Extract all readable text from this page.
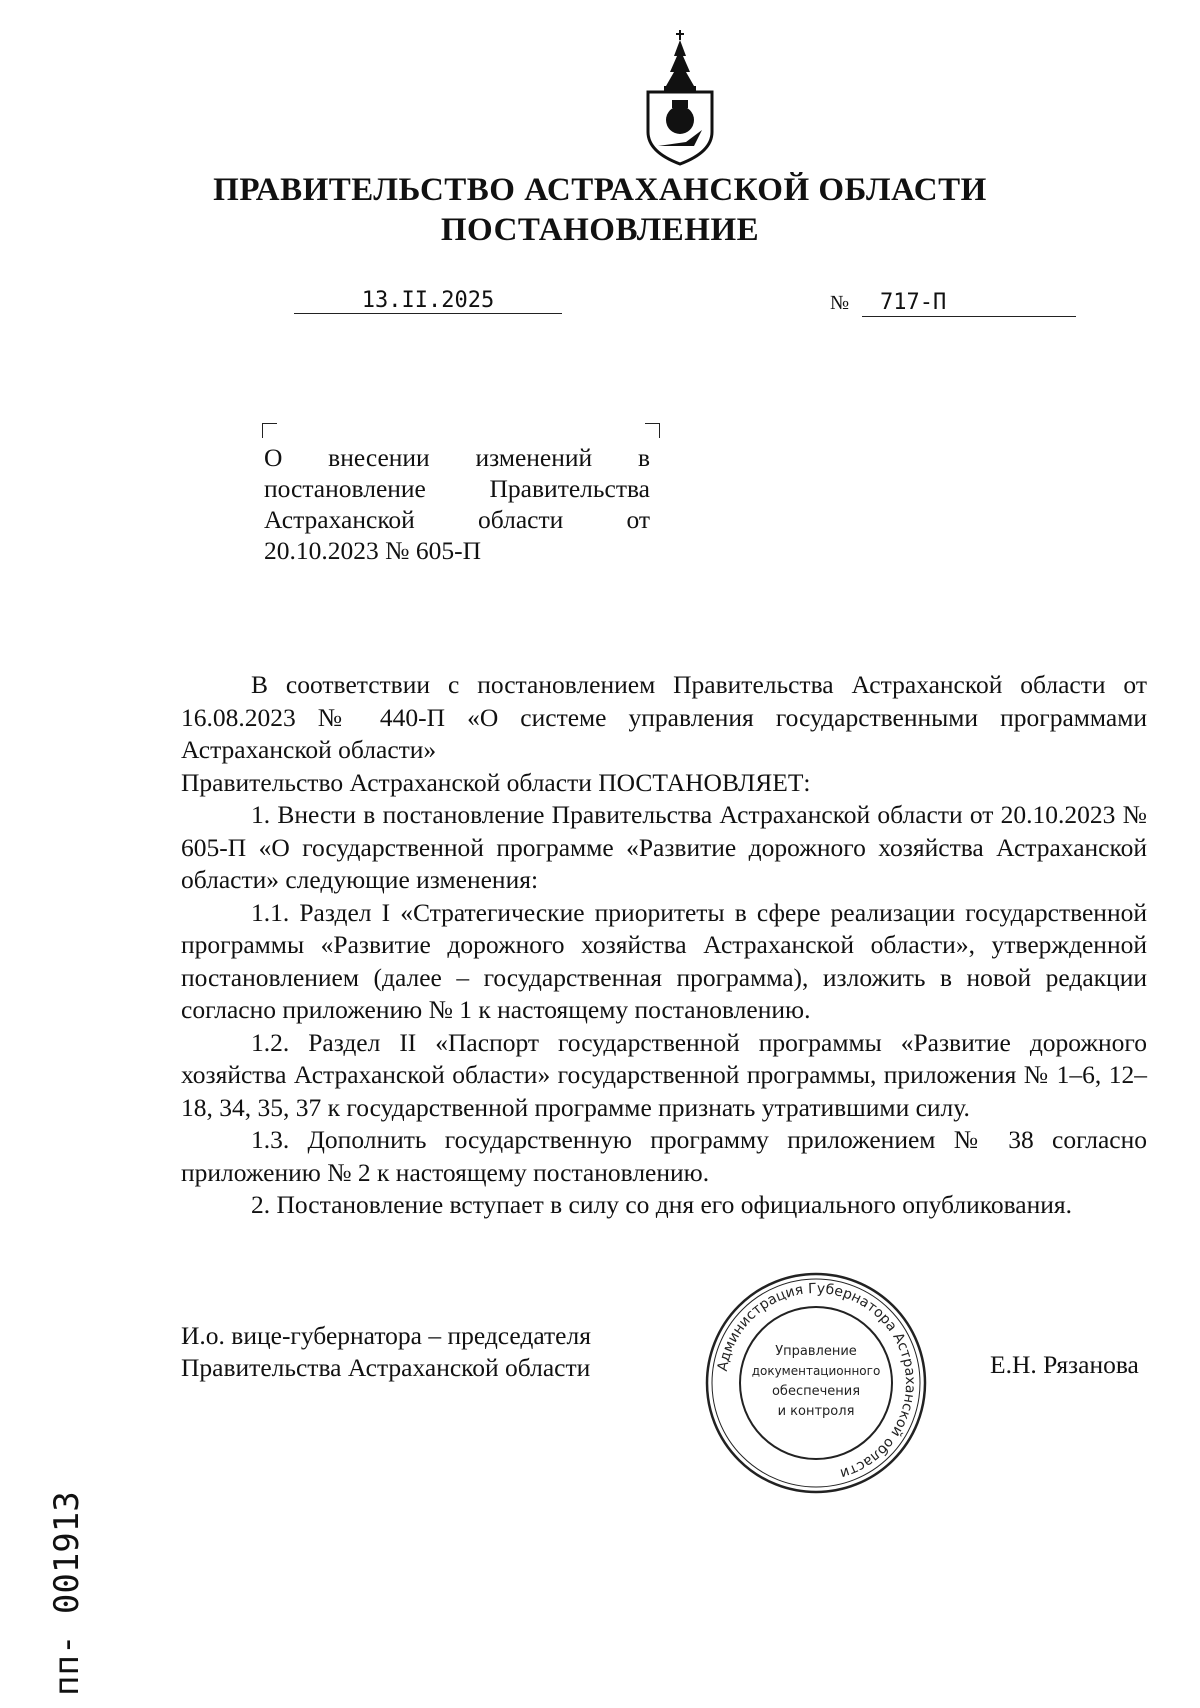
ПРАВИТЕЛЬСТВО АСТРАХАНСКОЙ ОБЛАСТИ
ПОСТАНОВЛЕНИЕ
13.II.2025	№ 717-П
О внесении изменений в постановление Правительства Астраханской области от 20.10.2023 № 605-П

В соответствии с постановлением Правительства Астраханской области от 16.08.2023 № 440-П «О системе управления государственными программами Астраханской области»

Правительство Астраханской области ПОСТАНОВЛЯЕТ:

1. Внести в постановление Правительства Астраханской области от 20.10.2023 № 605-П «О государственной программе «Развитие дорожного хозяйства Астраханской области» следующие изменения:

1.1. Раздел I «Стратегические приоритеты в сфере реализации государственной программы «Развитие дорожного хозяйства Астраханской области», утвержденной постановлением (далее – государственная программа), изложить в новой редакции согласно приложению № 1 к настоящему постановлению.

1.2. Раздел II «Паспорт государственной программы «Развитие дорожного хозяйства Астраханской области» государственной программы, приложения № 1–6, 12–18, 34, 35, 37 к государственной программе признать утратившими силу.

1.3. Дополнить государственную программу приложением № 38 согласно приложению № 2 к настоящему постановлению.

2. Постановление вступает в силу со дня его официального опубликования.

И.о. вице-губернатора – председателя
Правительства Астраханской области	Администрация Губернатора Астраханской области
Управление
документационного
обеспечения
и контроля
Е.Н. Рязанова
пп- 001913
